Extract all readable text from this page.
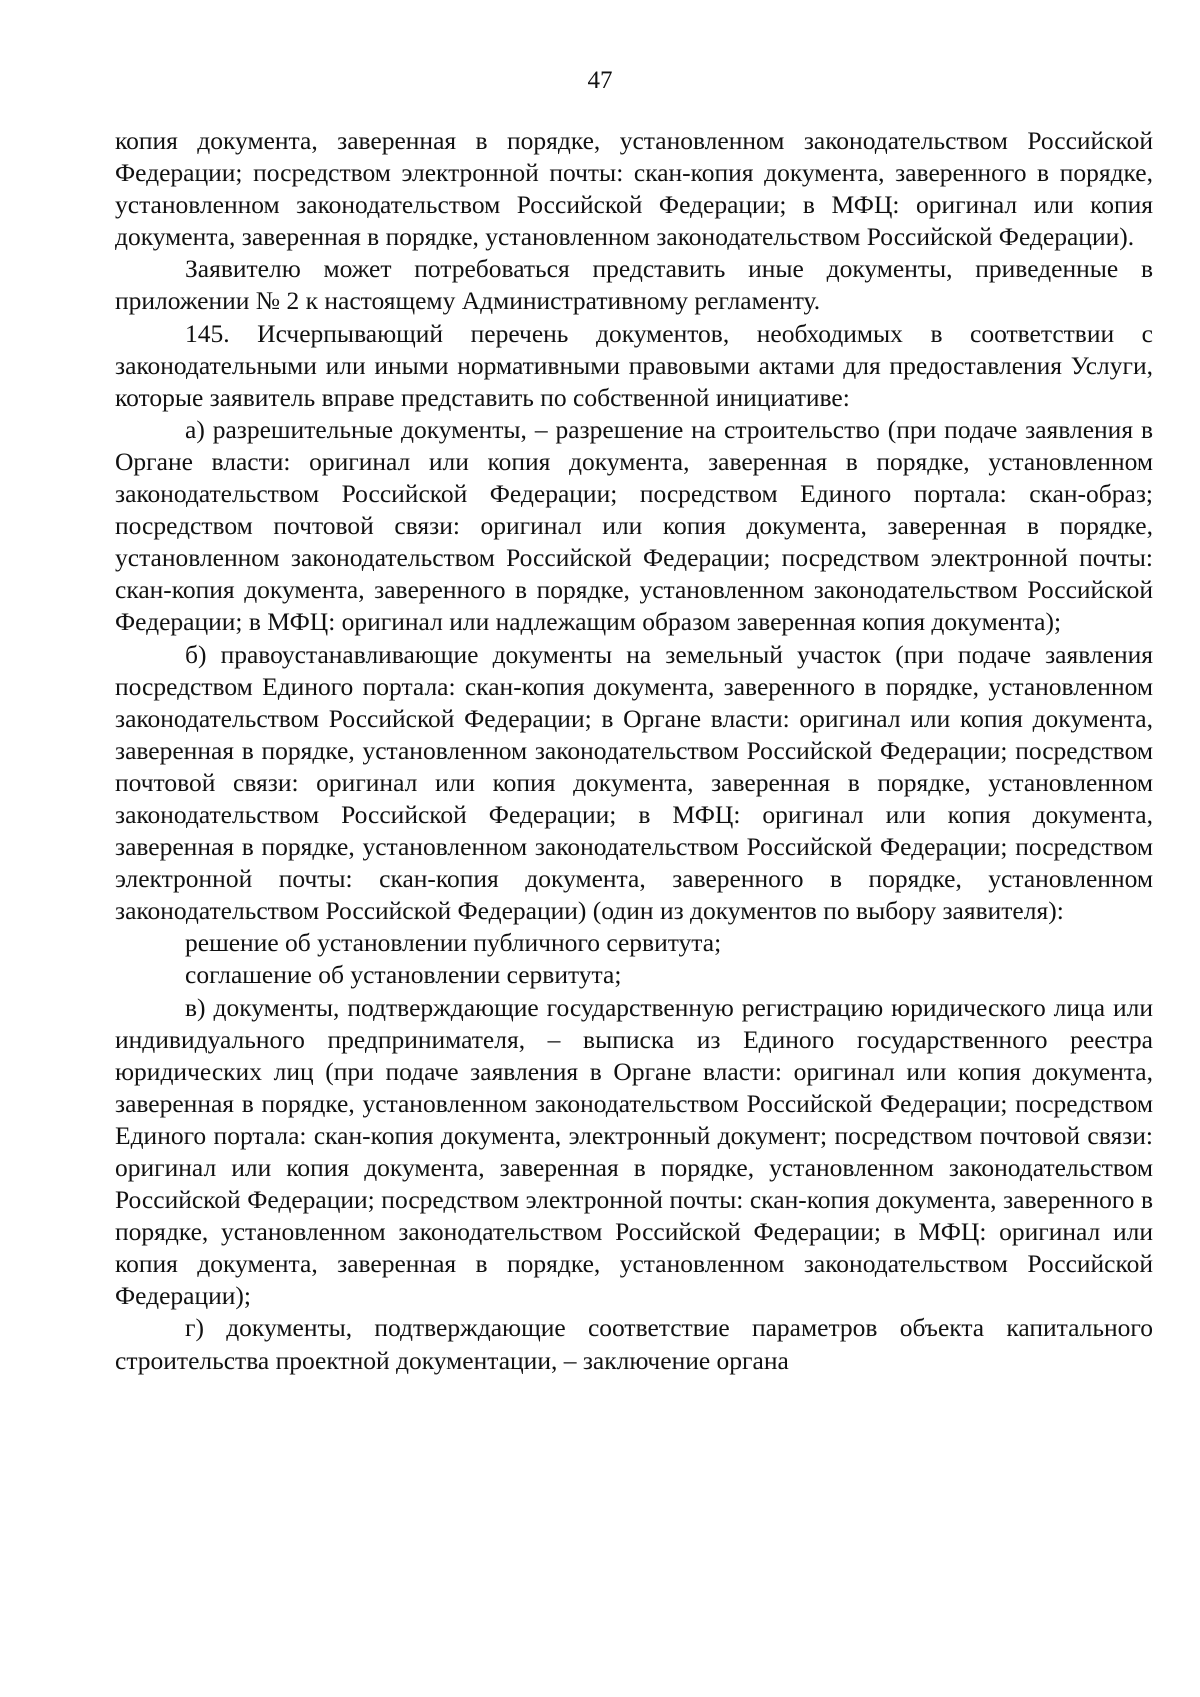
47

копия документа, заверенная в порядке, установленном законодательством Российской Федерации; посредством электронной почты: скан-копия документа, заверенного в порядке, установленном законодательством Российской Федерации; в МФЦ: оригинал или копия документа, заверенная в порядке, установленном законодательством Российской Федерации).

Заявителю может потребоваться представить иные документы, приведенные в приложении № 2 к настоящему Административному регламенту.

145. Исчерпывающий перечень документов, необходимых в соответствии с законодательными или иными нормативными правовыми актами для предоставления Услуги, которые заявитель вправе представить по собственной инициативе:

а) разрешительные документы, – разрешение на строительство (при подаче заявления в Органе власти: оригинал или копия документа, заверенная в порядке, установленном законодательством Российской Федерации; посредством Единого портала: скан-образ; посредством почтовой связи: оригинал или копия документа, заверенная в порядке, установленном законодательством Российской Федерации; посредством электронной почты: скан-копия документа, заверенного в порядке, установленном законодательством Российской Федерации; в МФЦ: оригинал или надлежащим образом заверенная копия документа);

б) правоустанавливающие документы на земельный участок (при подаче заявления посредством Единого портала: скан-копия документа, заверенного в порядке, установленном законодательством Российской Федерации; в Органе власти: оригинал или копия документа, заверенная в порядке, установленном законодательством Российской Федерации; посредством почтовой связи: оригинал или копия документа, заверенная в порядке, установленном законодательством Российской Федерации; в МФЦ: оригинал или копия документа, заверенная в порядке, установленном законодательством Российской Федерации; посредством электронной почты: скан-копия документа, заверенного в порядке, установленном законодательством Российской Федерации) (один из документов по выбору заявителя):

решение об установлении публичного сервитута;

соглашение об установлении сервитута;

в) документы, подтверждающие государственную регистрацию юридического лица или индивидуального предпринимателя, – выписка из Единого государственного реестра юридических лиц (при подаче заявления в Органе власти: оригинал или копия документа, заверенная в порядке, установленном законодательством Российской Федерации; посредством Единого портала: скан-копия документа, электронный документ; посредством почтовой связи: оригинал или копия документа, заверенная в порядке, установленном законодательством Российской Федерации; посредством электронной почты: скан-копия документа, заверенного в порядке, установленном законодательством Российской Федерации; в МФЦ: оригинал или копия документа, заверенная в порядке, установленном законодательством Российской Федерации);

г) документы, подтверждающие соответствие параметров объекта капитального строительства проектной документации, – заключение органа
